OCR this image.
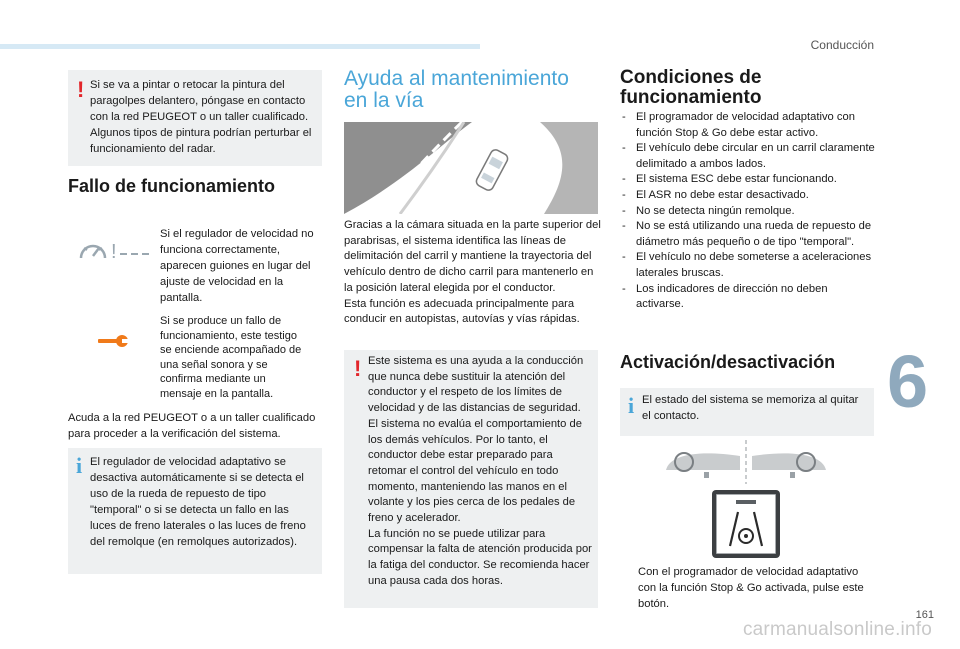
Conducción
! Si se va a pintar o retocar la pintura del paragolpes delantero, póngase en contacto con la red PEUGEOT o un taller cualificado. Algunos tipos de pintura podrían perturbar el funcionamiento del radar.
Fallo de funcionamiento
!
Si el regulador de velocidad no funciona correctamente, aparecen guiones en lugar del ajuste de velocidad en la pantalla.
Si se produce un fallo de funcionamiento, este testigo se enciende acompañado de una señal sonora y se confirma mediante un mensaje en la pantalla.
Acuda a la red PEUGEOT o a un taller cualificado para proceder a la verificación del sistema.
i El regulador de velocidad adaptativo se desactiva automáticamente si se detecta el uso de la rueda de repuesto de tipo "temporal" o si se detecta un fallo en las luces de freno laterales o las luces de freno del remolque (en remolques autorizados).
Ayuda al mantenimiento en la vía
Gracias a la cámara situada en la parte superior del parabrisas, el sistema identifica las líneas de delimitación del carril y mantiene la trayectoria del vehículo dentro de dicho carril para mantenerlo en la posición lateral elegida por el conductor.
Esta función es adecuada principalmente para conducir en autopistas, autovías y vías rápidas.
! Este sistema es una ayuda a la conducción que nunca debe sustituir la atención del conductor y el respeto de los límites de velocidad y de las distancias de seguridad.
El sistema no evalúa el comportamiento de los demás vehículos. Por lo tanto, el conductor debe estar preparado para retomar el control del vehículo en todo momento, manteniendo las manos en el volante y los pies cerca de los pedales de freno y acelerador.
La función no se puede utilizar para compensar la falta de atención producida por la fatiga del conductor. Se recomienda hacer una pausa cada dos horas.
Condiciones de funcionamiento
- El programador de velocidad adaptativo con función Stop & Go debe estar activo.
- El vehículo debe circular en un carril claramente delimitado a ambos lados.
- El sistema ESC debe estar funcionando.
- El ASR no debe estar desactivado.
- No se detecta ningún remolque.
- No se está utilizando una rueda de repuesto de diámetro más pequeño o de tipo "temporal".
- El vehículo no debe someterse a aceleraciones laterales bruscas.
- Los indicadores de dirección no deben activarse.
Activación/desactivación
i El estado del sistema se memoriza al quitar el contacto.
Con el programador de velocidad adaptativo con la función Stop & Go activada, pulse este botón.
6
161
carmanualsonline.info
